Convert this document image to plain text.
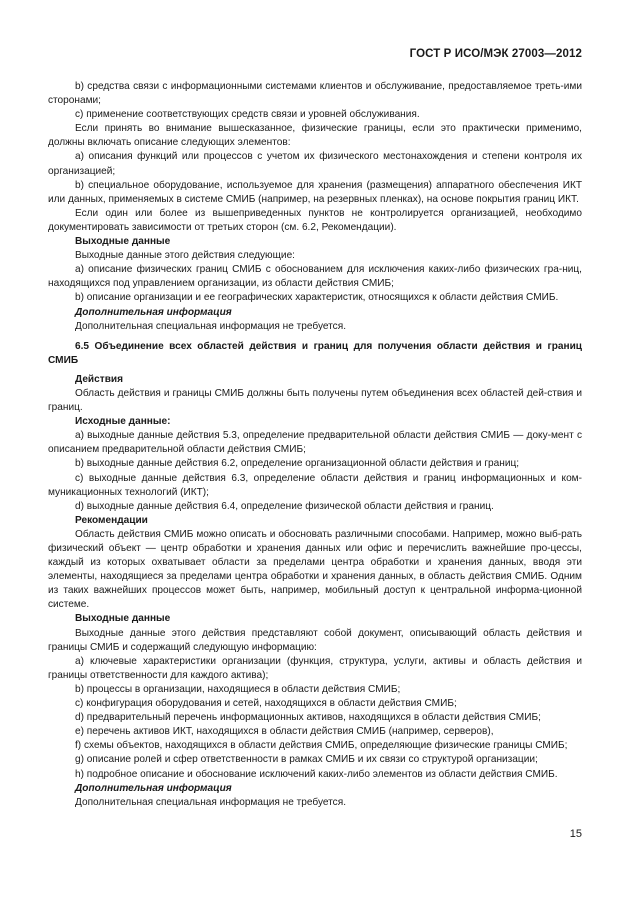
ГОСТ Р ИСО/МЭК 27003—2012

b) средства связи с информационными системами клиентов и обслуживание, предоставляемое треть-ими сторонами;

c) применение соответствующих средств связи и уровней обслуживания.

Если принять во внимание вышесказанное, физические границы, если это практически применимо, должны включать описание следующих элементов:

а) описания функций или процессов с учетом их физического местонахождения и степени контроля их организацией;

b) специальное оборудование, используемое для хранения (размещения) аппаратного обеспечения ИКТ или данных, применяемых в системе СМИБ (например, на резервных пленках), на основе покрытия границ ИКТ.

Если один или более из вышеприведенных пунктов не контролируется организацией, необходимо документировать зависимости от третьих сторон (см. 6.2, Рекомендации).

Выходные данные

Выходные данные этого действия следующие:

а) описание физических границ СМИБ с обоснованием для исключения каких-либо физических гра-ниц, находящихся под управлением организации, из области действия СМИБ;

b) описание организации и ее географических характеристик, относящихся к области действия СМИБ.

Дополнительная информация

Дополнительная специальная информация не требуется.

6.5 Объединение всех областей действия и границ для получения области действия и границ СМИБ

Действия

Область действия и границы СМИБ должны быть получены путем объединения всех областей дей-ствия и границ.

Исходные данные:

а) выходные данные действия 5.3, определение предварительной области действия СМИБ — доку-мент с описанием предварительной области действия СМИБ;

b) выходные данные действия 6.2, определение организационной области действия и границ;

c) выходные данные действия 6.3, определение области действия и границ информационных и ком-муникационных технологий (ИКТ);

d) выходные данные действия 6.4, определение физической области действия и границ.

Рекомендации

Область действия СМИБ можно описать и обосновать различными способами. Например, можно выб-рать физический объект — центр обработки и хранения данных или офис и перечислить важнейшие про-цессы, каждый из которых охватывает области за пределами центра обработки и хранения данных, вводя эти элементы, находящиеся за пределами центра обработки и хранения данных, в область действия СМИБ. Одним из таких важнейших процессов может быть, например, мобильный доступ к центральной информа-ционной системе.

Выходные данные

Выходные данные этого действия представляют собой документ, описывающий область действия и границы СМИБ и содержащий следующую информацию:

а) ключевые характеристики организации (функция, структура, услуги, активы и область действия и границы ответственности для каждого актива);

b) процессы в организации, находящиеся в области действия СМИБ;

c) конфигурация оборудования и сетей, находящихся в области действия СМИБ;

d) предварительный перечень информационных активов, находящихся в области действия СМИБ;

e) перечень активов ИКТ, находящихся в области действия СМИБ (например, серверов),

f) схемы объектов, находящихся в области действия СМИБ, определяющие физические границы СМИБ;

g) описание ролей и сфер ответственности в рамках СМИБ и их связи со структурой организации;

h) подробное описание и обоснование исключений каких-либо элементов из области действия СМИБ.

Дополнительная информация

Дополнительная специальная информация не требуется.

15
